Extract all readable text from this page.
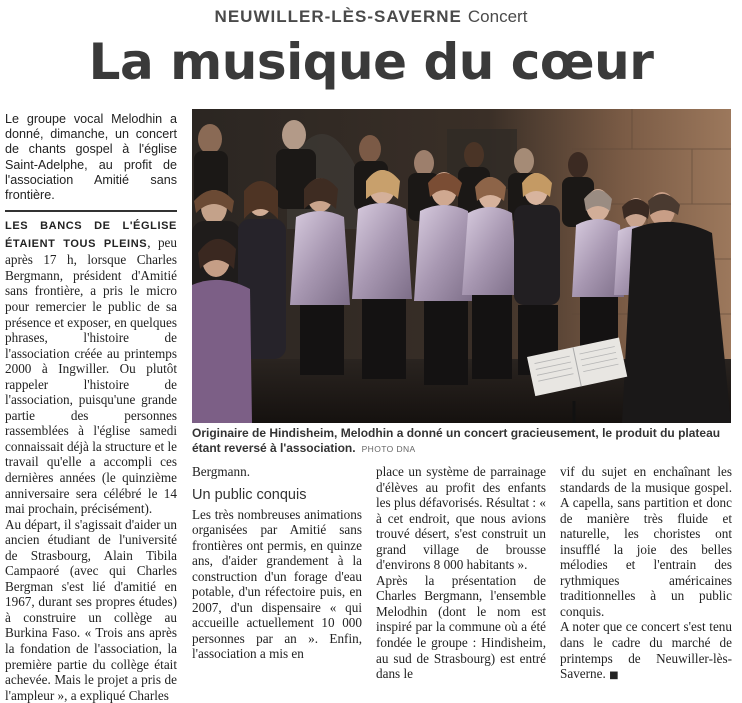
NEUWILLER-LÈS-SAVERNE Concert
La musique du cœur

Le groupe vocal Melodhin a donné, dimanche, un concert de chants gospel à l'église Saint-Adelphe, au profit de l'association Amitié sans frontière.

LES BANCS DE L'ÉGLISE ÉTAIENT TOUS PLEINS, peu après 17 h, lorsque Charles Bergmann, président d'Amitié sans frontière, a pris le micro pour remercier le public de sa présence et exposer, en quelques phrases, l'histoire de l'association créée au printemps 2000 à Ingwiller. Ou plutôt rappeler l'histoire de l'association, puisqu'une grande partie des personnes rassemblées à l'église samedi connaissait déjà la structure et le travail qu'elle a accompli ces dernières années (le quinzième anniversaire sera célébré le 14 mai prochain, précisément).

Au départ, il s'agissait d'aider un ancien étudiant de l'université de Strasbourg, Alain Tibila Campaoré (avec qui Charles Bergman s'est lié d'amitié en 1967, durant ses propres études) à construire un collège au Burkina Faso. « Trois ans après la fondation de l'association, la première partie du collège était achevée. Mais le projet a pris de l'ampleur », a expliqué Charles

Originaire de Hindisheim, Melodhin a donné un concert gracieusement, le produit du plateau étant reversé à l'association. PHOTO DNA

Bergmann.

Un public conquis

Les très nombreuses animations organisées par Amitié sans frontières ont permis, en quinze ans, d'aider grandement à la construction d'un forage d'eau potable, d'un réfectoire puis, en 2007, d'un dispensaire « qui accueille actuellement 10 000 personnes par an ». Enfin, l'association a mis en

place un système de parrainage d'élèves au profit des enfants les plus défavorisés. Résultat : « à cet endroit, que nous avions trouvé désert, s'est construit un grand village de brousse d'environs 8 000 habitants ».

Après la présentation de Charles Bergmann, l'ensemble Melodhin (dont le nom est inspiré par la commune où a été fondée le groupe : Hindisheim, au sud de Strasbourg) est entré dans le

vif du sujet en enchaînant les standards de la musique gospel. A capella, sans partition et donc de manière très fluide et naturelle, les choristes ont insufflé la joie des belles mélodies et l'entrain des rythmiques américaines traditionnelles à un public conquis.

A noter que ce concert s'est tenu dans le cadre du marché de printemps de Neuwiller-lès-Saverne. ■
